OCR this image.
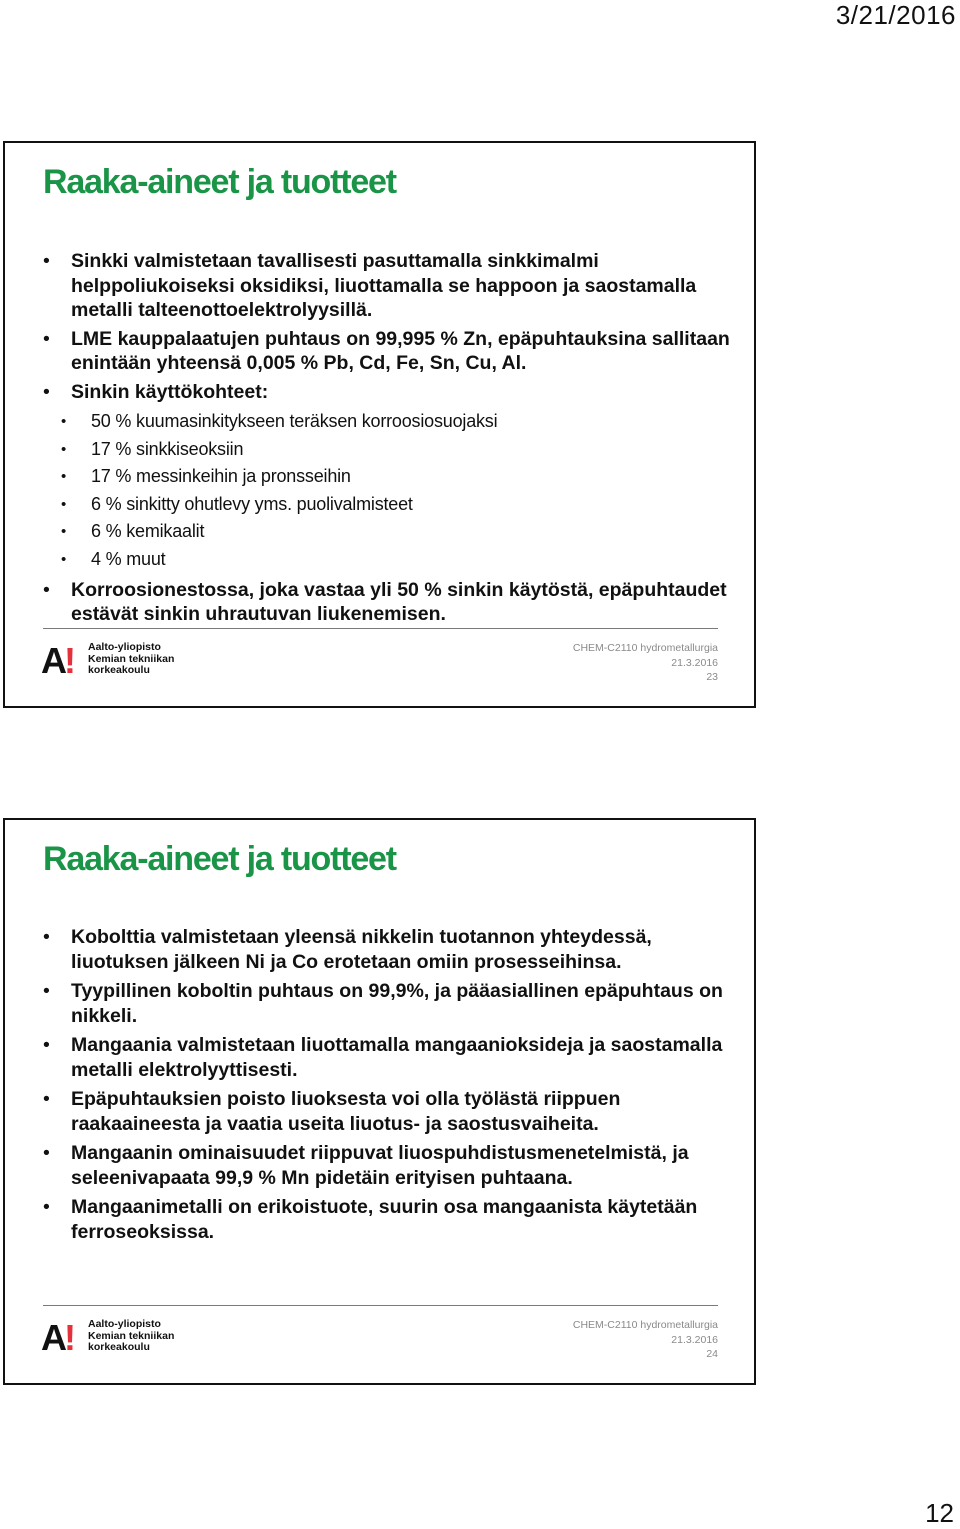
3/21/2016
Raaka-aineet ja tuotteet
• Sinkki valmistetaan tavallisesti pasuttamalla sinkkimalmi helppoliukoiseksi oksidiksi, liuottamalla se happoon ja saostamalla metalli talteenottoelektrolyysillä.
• LME kauppalaatujen puhtaus on 99,995 % Zn, epäpuhtauksina sallitaan enintään yhteensä 0,005 % Pb, Cd, Fe, Sn, Cu, Al.
• Sinkin käyttökohteet:
• 50 % kuumasinkitykseen teräksen korroosiosuojaksi
• 17 % sinkkiseoksiin
• 17 % messinkeihin ja pronsseihin
• 6 % sinkitty ohutlevy yms. puolivalmisteet
• 6 % kemikaalit
• 4 % muut
• Korroosionestossa, joka vastaa yli 50 % sinkin käytöstä, epäpuhtaudet estävät sinkin uhrautuvan liukenemisen.
A! Aalto-yliopisto
Kemian tekniikan
korkeakoulu
CHEM-C2110 hydrometallurgia
21.3.2016
23
Raaka-aineet ja tuotteet
• Kobolttia valmistetaan yleensä nikkelin tuotannon yhteydessä, liuotuksen jälkeen Ni ja Co erotetaan omiin prosesseihinsa.
• Tyypillinen koboltin puhtaus on 99,9%, ja pääasiallinen epäpuhtaus on nikkeli.
• Mangaania valmistetaan liuottamalla mangaanioksideja ja saostamalla metalli elektrolyyttisesti.
• Epäpuhtauksien poisto liuoksesta voi olla työlästä riippuen raakaaineesta ja vaatia useita liuotus- ja saostusvaiheita.
• Mangaanin ominaisuudet riippuvat liuospuhdistusmenetelmistä, ja seleenivapaata 99,9 % Mn pidetäin erityisen puhtaana.
• Mangaanimetalli on erikoistuote, suurin osa mangaanista käytetään ferroseoksissa.
A! Aalto-yliopisto
Kemian tekniikan
korkeakoulu
CHEM-C2110 hydrometallurgia
21.3.2016
24
12
